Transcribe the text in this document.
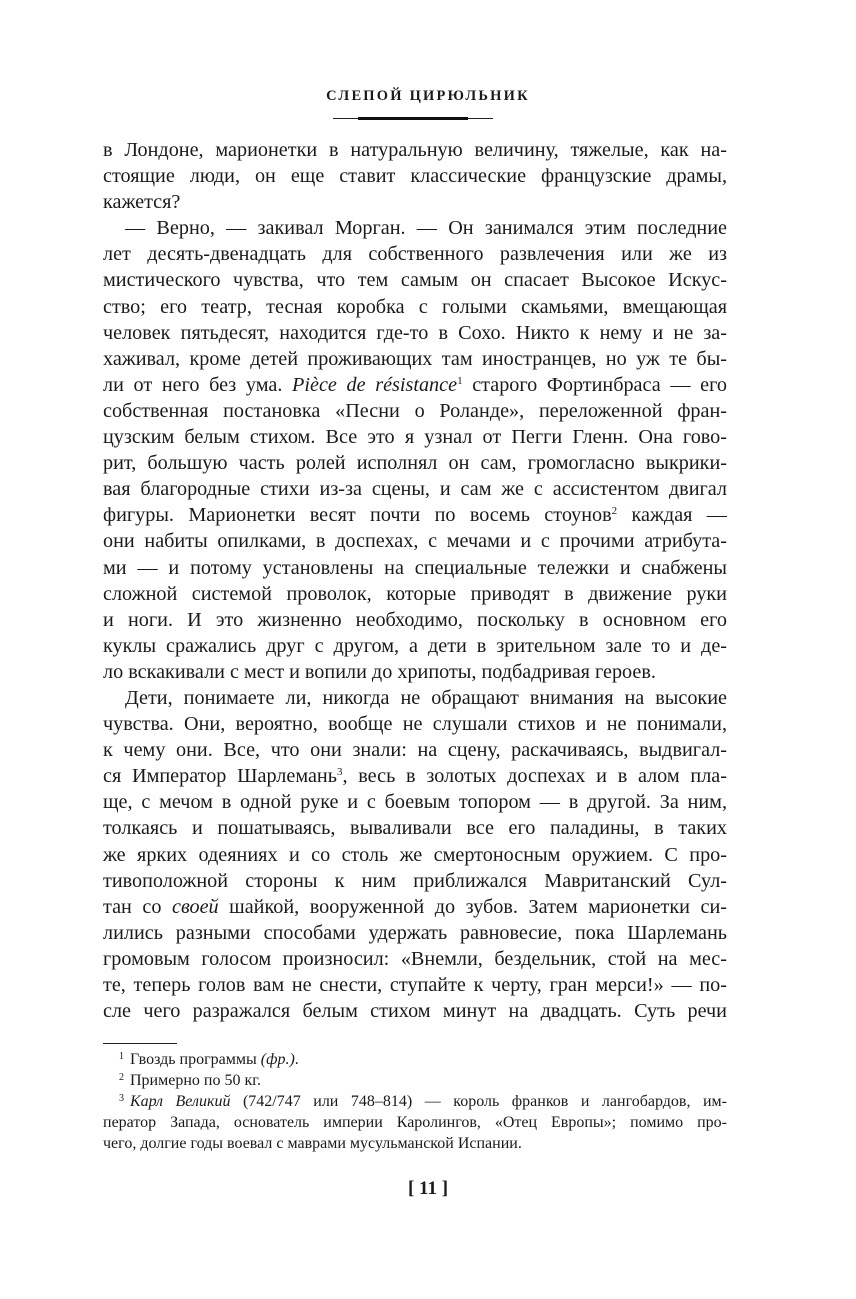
СЛЕПОЙ ЦИРЮЛЬНИК
в Лондоне, марионетки в натуральную величину, тяжелые, как на-
стоящие люди, он еще ставит классические французские драмы,
кажется?
— Верно, — закивал Морган. — Он занимался этим последние
лет десять-двенадцать для собственного развлечения или же из
мистического чувства, что тем самым он спасает Высокое Искус-
ство; его театр, тесная коробка с голыми скамьями, вмещающая
человек пятьдесят, находится где-то в Сохо. Никто к нему и не за-
хаживал, кроме детей проживающих там иностранцев, но уж те бы-
ли от него без ума. Pièce de résistance$^1$ старого Фортинбраса — его
собственная постановка «Песни о Роланде», переложенной фран-
цузским белым стихом. Все это я узнал от Пегги Гленн. Она гово-
рит, большую часть ролей исполнял он сам, громогласно выкрики-
вая благородные стихи из-за сцены, и сам же с ассистентом двигал
фигуры. Марионетки весят почти по восемь стоунов$^2$ каждая —
они набиты опилками, в доспехах, с мечами и с прочими атрибута-
ми — и потому установлены на специальные тележки и снабжены
сложной системой проволок, которые приводят в движение руки
и ноги. И это жизненно необходимо, поскольку в основном его
куклы сражались друг с другом, а дети в зрительном зале то и де-
ло вскакивали с мест и вопили до хрипоты, подбадривая героев.
Дети, понимаете ли, никогда не обращают внимания на высокие
чувства. Они, вероятно, вообще не слушали стихов и не понимали,
к чему они. Все, что они знали: на сцену, раскачиваясь, выдвигал-
ся Император Шарлемань$^3$, весь в золотых доспехах и в алом пла-
ще, с мечом в одной руке и с боевым топором — в другой. За ним,
толкаясь и пошатываясь, вываливали все его паладины, в таких
же ярких одеяниях и со столь же смертоносным оружием. С про-
тивоположной стороны к ним приближался Мавританский Сул-
тан со своей шайкой, вооруженной до зубов. Затем марионетки си-
лились разными способами удержать равновесие, пока Шарлемань
громовым голосом произносил: «Внемли, бездельник, стой на мес-
те, теперь голов вам не снести, ступайте к черту, гран мерси!» — по-
сле чего разражался белым стихом минут на двадцать. Суть речи
$^1$ Гвоздь программы (фр.).
$^2$ Примерно по 50 кг.
$^3$ Карл Великий (742/747 или 748–814) — король франков и лангобардов, им-
ператор Запада, основатель империи Каролингов, «Отец Европы»; помимо про-
чего, долгие годы воевал с маврами мусульманской Испании.
[ 11 ]
